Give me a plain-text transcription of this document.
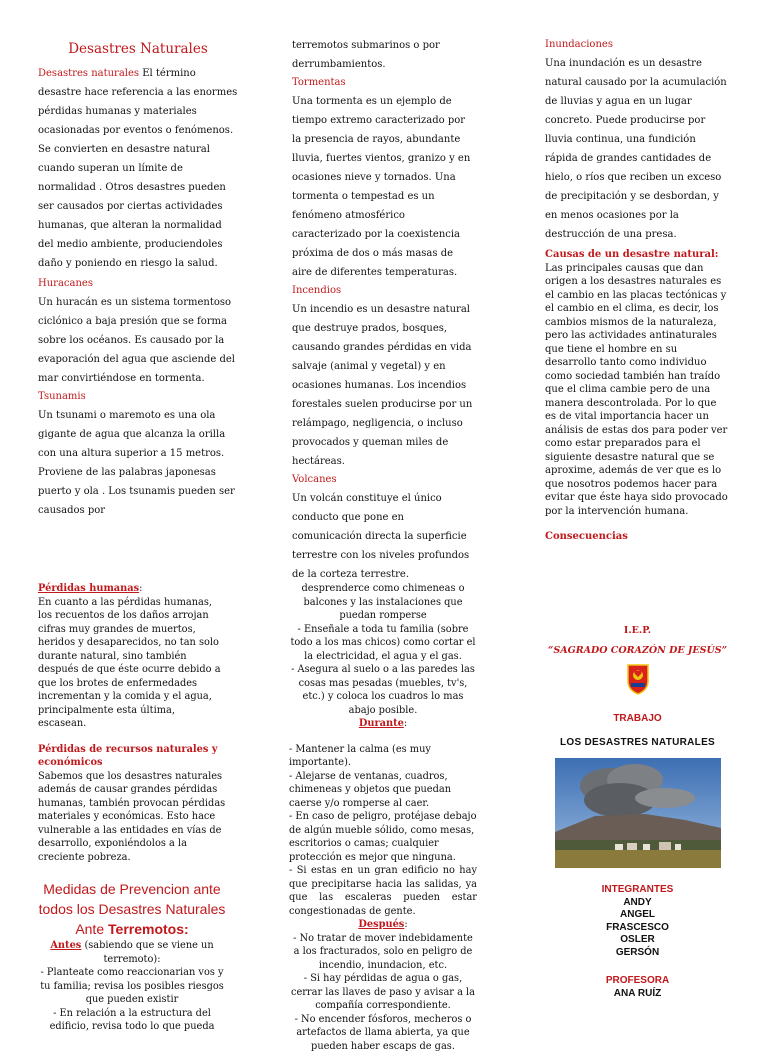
Desastres Naturales

Desastres naturales El término desastre hace referencia a las enormes pérdidas humanas y materiales ocasionadas por eventos o fenómenos. Se convierten en desastre natural cuando superan un límite de normalidad . Otros desastres pueden ser causados por ciertas actividades humanas, que alteran la normalidad del medio ambiente, produciendoles daño y poniendo en riesgo la salud.

Huracanes

Un huracán es un sistema tormentoso ciclónico a baja presión que se forma sobre los océanos. Es causado por la evaporación del agua que asciende del mar convirtiéndose en tormenta.

Tsunamis

Un tsunami o maremoto es una ola gigante de agua que alcanza la orilla con una altura superior a 15 metros. Proviene de las palabras japonesas puerto y ola . Los tsunamis pueden ser causados por

terremotos submarinos o por derrumbamientos.

Tormentas

Una tormenta es un ejemplo de tiempo extremo caracterizado por la presencia de rayos, abundante lluvia, fuertes vientos, granizo y en ocasiones nieve y tornados. Una tormenta o tempestad es un fenómeno atmosférico caracterizado por la coexistencia próxima de dos o más masas de aire de diferentes temperaturas.

Incendios

Un incendio es un desastre natural que destruye prados, bosques, causando grandes pérdidas en vida salvaje (animal y vegetal) y en ocasiones humanas. Los incendios forestales suelen producirse por un relámpago, negligencia, o incluso provocados y queman miles de hectáreas.

Volcanes

Un volcán constituye el único conducto que pone en comunicación directa la superficie terrestre con los niveles profundos de la corteza terrestre.

Inundaciones

Una inundación es un desastre natural causado por la acumulación de lluvias y agua en un lugar concreto. Puede producirse por lluvia continua, una fundición rápida de grandes cantidades de hielo, o ríos que reciben un exceso de precipitación y se desbordan, y en menos ocasiones por la destrucción de una presa.

Causas de un desastre natural:

Las principales causas que dan origen a los desastres naturales es el cambio en las placas tectónicas y el cambio en el clima, es decir, los cambios mismos de la naturaleza, pero las actividades antinaturales que tiene el hombre en su desarrollo tanto como individuo como sociedad también han traído que el clima cambie pero de una manera descontrolada. Por lo que es de vital importancia hacer un análisis de estas dos para poder ver como estar preparados para el siguiente desastre natural que se aproxime, además de ver que es lo que nosotros podemos hacer para evitar que éste haya sido provocado por la intervención humana.

Consecuencias
Pérdidas humanas:

En cuanto a las pérdidas humanas, los recuentos de los daños arrojan cifras muy grandes de muertos, heridos y desaparecidos, no tan solo durante natural, sino también después de que éste ocurre debido a que los brotes de enfermedades incrementan y la comida y el agua, principalmente esta última, escasean.

Pérdidas de recursos naturales y económicos

Sabemos que los desastres naturales además de causar grandes pérdidas humanas, también provocan pérdidas materiales y económicas. Esto hace vulnerable a las entidades en vías de desarrollo, exponiéndolos a la creciente pobreza.

Medidas de Prevencion ante todos los Desastres Naturales
Ante Terremotos:
Antes (sabiendo que se viene un terremoto):

- Planteate como reaccionarian vos y tu familia; revisa los posibles riesgos que pueden existir

- En relación a la estructura del edificio, revisa todo lo que pueda

desprenderce como chimeneas o balcones y las instalaciones que puedan romperse

- Enseñale a toda tu familia (sobre todo a los mas chicos) como cortar el la electricidad, el agua y el gas.

- Asegura al suelo o a las paredes las cosas mas pesadas (muebles, tv's, etc.) y coloca los cuadros lo mas abajo posible.

Durante:

- Mantener la calma (es muy importante).

- Alejarse de ventanas, cuadros, chimeneas y objetos que puedan caerse y/o romperse al caer.

- En caso de peligro, protéjase debajo de algún mueble sólido, como mesas, escritorios o camas; cualquier protección es mejor que ninguna.

- Si estas en un gran edificio no hay que precipitarse hacia las salidas, ya que las escaleras pueden estar congestionadas de gente.

Después:

- No tratar de mover indebidamente a los fracturados, solo en peligro de incendio, inundacion, etc.

- Si hay pérdidas de agua o gas, cerrar las llaves de paso y avisar a la compañía correspondiente.

- No encender fósforos, mecheros o artefactos de llama abierta, ya que pueden haber escaps de gas.

I.E.P.
“SAGRADO CORAZÓN DE JESÚS”
TRABAJO
LOS DESASTRES NATURALES
INTEGRANTES
ANDY
ANGEL
FRASCESCO
OSLER
GERSÓN
PROFESORA
ANA RUÍZ
